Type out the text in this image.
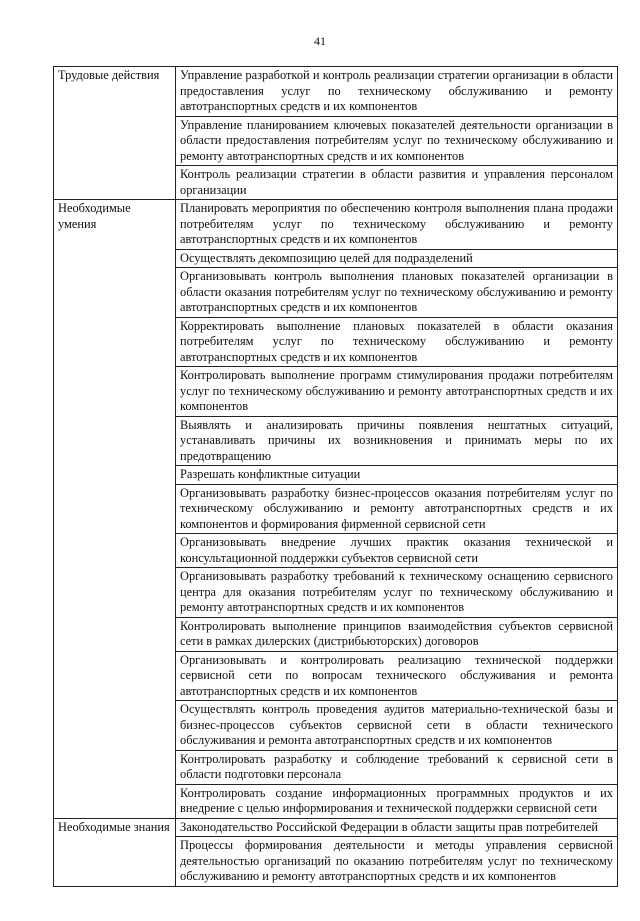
41
Трудовые действия	Управление разработкой и контроль реализации стратегии организации в области предоставления услуг по техническому обслуживанию и ремонту автотранспортных средств и их компонентов
	Управление планированием ключевых показателей деятельности организации в области предоставления потребителям услуг по техническому обслуживанию и ремонту автотранспортных средств и их компонентов
	Контроль реализации стратегии в области развития и управления персоналом организации
Необходимые умения	Планировать мероприятия по обеспечению контроля выполнения плана продажи потребителям услуг по техническому обслуживанию и ремонту автотранспортных средств и их компонентов
	Осуществлять декомпозицию целей для подразделений
	Организовывать контроль выполнения плановых показателей организации в области оказания потребителям услуг по техническому обслуживанию и ремонту автотранспортных средств и их компонентов
	Корректировать выполнение плановых показателей в области оказания потребителям услуг по техническому обслуживанию и ремонту автотранспортных средств и их компонентов
	Контролировать выполнение программ стимулирования продажи потребителям услуг по техническому обслуживанию и ремонту автотранспортных средств и их компонентов
	Выявлять и анализировать причины появления нештатных ситуаций, устанавливать причины их возникновения и принимать меры по их предотвращению
	Разрешать конфликтные ситуации
	Организовывать разработку бизнес-процессов оказания потребителям услуг по техническому обслуживанию и ремонту автотранспортных средств и их компонентов и формирования фирменной сервисной сети
	Организовывать внедрение лучших практик оказания технической и консультационной поддержки субъектов сервисной сети
	Организовывать разработку требований к техническому оснащению сервисного центра для оказания потребителям услуг по техническому обслуживанию и ремонту автотранспортных средств и их компонентов
	Контролировать выполнение принципов взаимодействия субъектов сервисной сети в рамках дилерских (дистрибьюторских) договоров
	Организовывать и контролировать реализацию технической поддержки сервисной сети по вопросам технического обслуживания и ремонта автотранспортных средств и их компонентов
	Осуществлять контроль проведения аудитов материально-технической базы и бизнес-процессов субъектов сервисной сети в области технического обслуживания и ремонта автотранспортных средств и их компонентов
	Контролировать разработку и соблюдение требований к сервисной сети в области подготовки персонала
	Контролировать создание информационных программных продуктов и их внедрение с целью информирования и технической поддержки сервисной сети
Необходимые знания	Законодательство Российской Федерации в области защиты прав потребителей
	Процессы формирования деятельности и методы управления сервисной деятельностью организаций по оказанию потребителям услуг по техническому обслуживанию и ремонту автотранспортных средств и их компонентов
